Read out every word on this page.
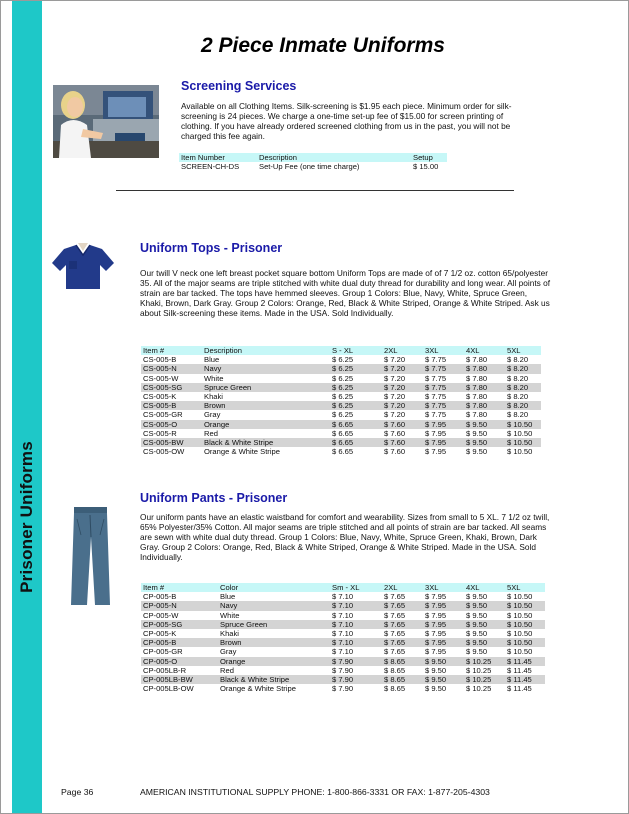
Prisoner Uniforms
2 Piece Inmate Uniforms
Screening Services
Available on all Clothing Items. Silk-screening is $1.95 each piece. Minimum order for silk-screening is 24 pieces. We charge a one-time set-up fee of $15.00 for screen printing of clothing. If you have already ordered screened clothing from us in the past, you will not be charged this fee again.
Item Number	Description	Setup
SCREEN-CH-DS	Set-Up Fee (one time charge)	$ 15.00
Uniform Tops - Prisoner
Our twill V neck one left breast pocket square bottom Uniform Tops are made of of 7 1/2 oz. cotton 65/polyester 35. All of the major seams are triple stitched with white dual duty thread for durability and long wear. All points of strain are bar tacked. The tops have hemmed sleeves. Group 1 Colors: Blue, Navy, White, Spruce Green, Khaki, Brown, Dark Gray. Group 2 Colors: Orange, Red, Black & White Striped, Orange & White Striped. Ask us about Silk-screening these items. Made in the USA. Sold Individually.
Item #	Description	S - XL	2XL	3XL	4XL	5XL
CS-005-B	Blue	$ 6.25	$ 7.20	$ 7.75	$ 7.80	$ 8.20
CS-005-N	Navy	$ 6.25	$ 7.20	$ 7.75	$ 7.80	$ 8.20
CS-005-W	White	$ 6.25	$ 7.20	$ 7.75	$ 7.80	$ 8.20
CS-005-SG	Spruce Green	$ 6.25	$ 7.20	$ 7.75	$ 7.80	$ 8.20
CS-005-K	Khaki	$ 6.25	$ 7.20	$ 7.75	$ 7.80	$ 8.20
CS-005-B	Brown	$ 6.25	$ 7.20	$ 7.75	$ 7.80	$ 8.20
CS-005-GR	Gray	$ 6.25	$ 7.20	$ 7.75	$ 7.80	$ 8.20
CS-005-O	Orange	$ 6.65	$ 7.60	$ 7.95	$ 9.50	$ 10.50
CS-005-R	Red	$ 6.65	$ 7.60	$ 7.95	$ 9.50	$ 10.50
CS-005-BW	Black & White Stripe	$ 6.65	$ 7.60	$ 7.95	$ 9.50	$ 10.50
CS-005-OW	Orange & White Stripe	$ 6.65	$ 7.60	$ 7.95	$ 9.50	$ 10.50
Uniform Pants - Prisoner
Our uniform pants have an elastic waistband for comfort and wearability. Sizes from small to 5 XL. 7 1/2 oz twill, 65% Polyester/35% Cotton. All major seams are triple stitched and all points of strain are bar tacked. All seams are sewn with white dual duty thread. Group 1 Colors: Blue, Navy, White, Spruce Green, Khaki, Brown, Dark Gray. Group 2 Colors: Orange, Red, Black & White Striped, Orange & White Striped. Made in the USA. Sold Individually.
Item #	Color	Sm - XL	2XL	3XL	4XL	5XL
CP-005-B	Blue	$ 7.10	$ 7.65	$ 7.95	$ 9.50	$ 10.50
CP-005-N	Navy	$ 7.10	$ 7.65	$ 7.95	$ 9.50	$ 10.50
CP-005-W	White	$ 7.10	$ 7.65	$ 7.95	$ 9.50	$ 10.50
CP-005-SG	Spruce Green	$ 7.10	$ 7.65	$ 7.95	$ 9.50	$ 10.50
CP-005-K	Khaki	$ 7.10	$ 7.65	$ 7.95	$ 9.50	$ 10.50
CP-005-B	Brown	$ 7.10	$ 7.65	$ 7.95	$ 9.50	$ 10.50
CP-005-GR	Gray	$ 7.10	$ 7.65	$ 7.95	$ 9.50	$ 10.50
CP-005-O	Orange	$ 7.90	$ 8.65	$ 9.50	$ 10.25	$ 11.45
CP-005LB-R	Red	$ 7.90	$ 8.65	$ 9.50	$ 10.25	$ 11.45
CP-005LB-BW	Black & White Stripe	$ 7.90	$ 8.65	$ 9.50	$ 10.25	$ 11.45
CP-005LB-OW	Orange & White Stripe	$ 7.90	$ 8.65	$ 9.50	$ 10.25	$ 11.45
Page 36	AMERICAN INSTITUTIONAL SUPPLY PHONE: 1-800-866-3331 OR FAX: 1-877-205-4303
